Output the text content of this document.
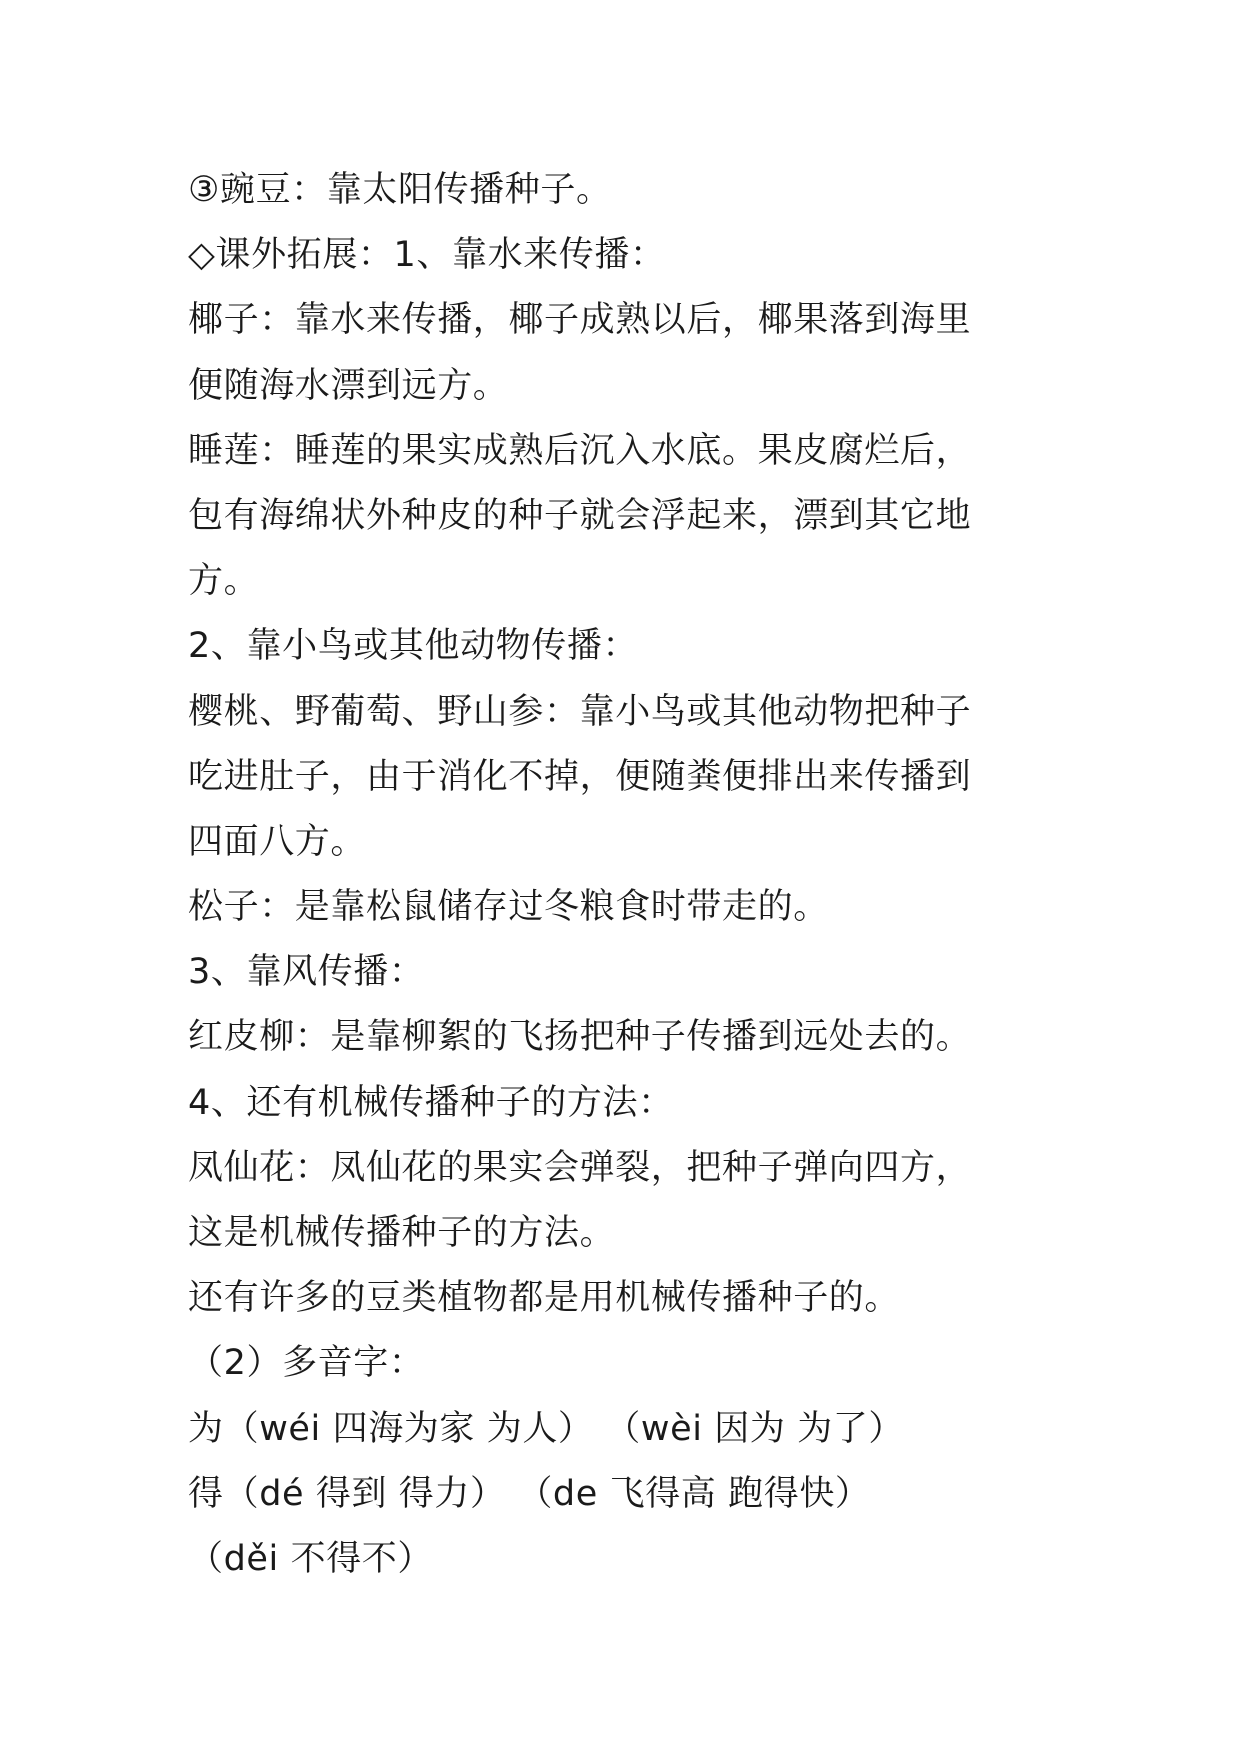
③豌豆：靠太阳传播种子。
◇课外拓展：1、靠水来传播：
椰子：靠水来传播，椰子成熟以后，椰果落到海里
便随海水漂到远方。
睡莲：睡莲的果实成熟后沉入水底。果皮腐烂后，
包有海绵状外种皮的种子就会浮起来，漂到其它地
方。
2、靠小鸟或其他动物传播：
樱桃、野葡萄、野山参：靠小鸟或其他动物把种子
吃进肚子，由于消化不掉，便随粪便排出来传播到
四面八方。
松子：是靠松鼠储存过冬粮食时带走的。
3、靠风传播：
红皮柳：是靠柳絮的飞扬把种子传播到远处去的。
4、还有机械传播种子的方法：
凤仙花：凤仙花的果实会弹裂，把种子弹向四方，
这是机械传播种子的方法。
还有许多的豆类植物都是用机械传播种子的。
（2）多音字：
为（wéi 四海为家 为人） （wèi 因为 为了）
得（dé 得到 得力） （de 飞得高 跑得快）
（děi 不得不）
